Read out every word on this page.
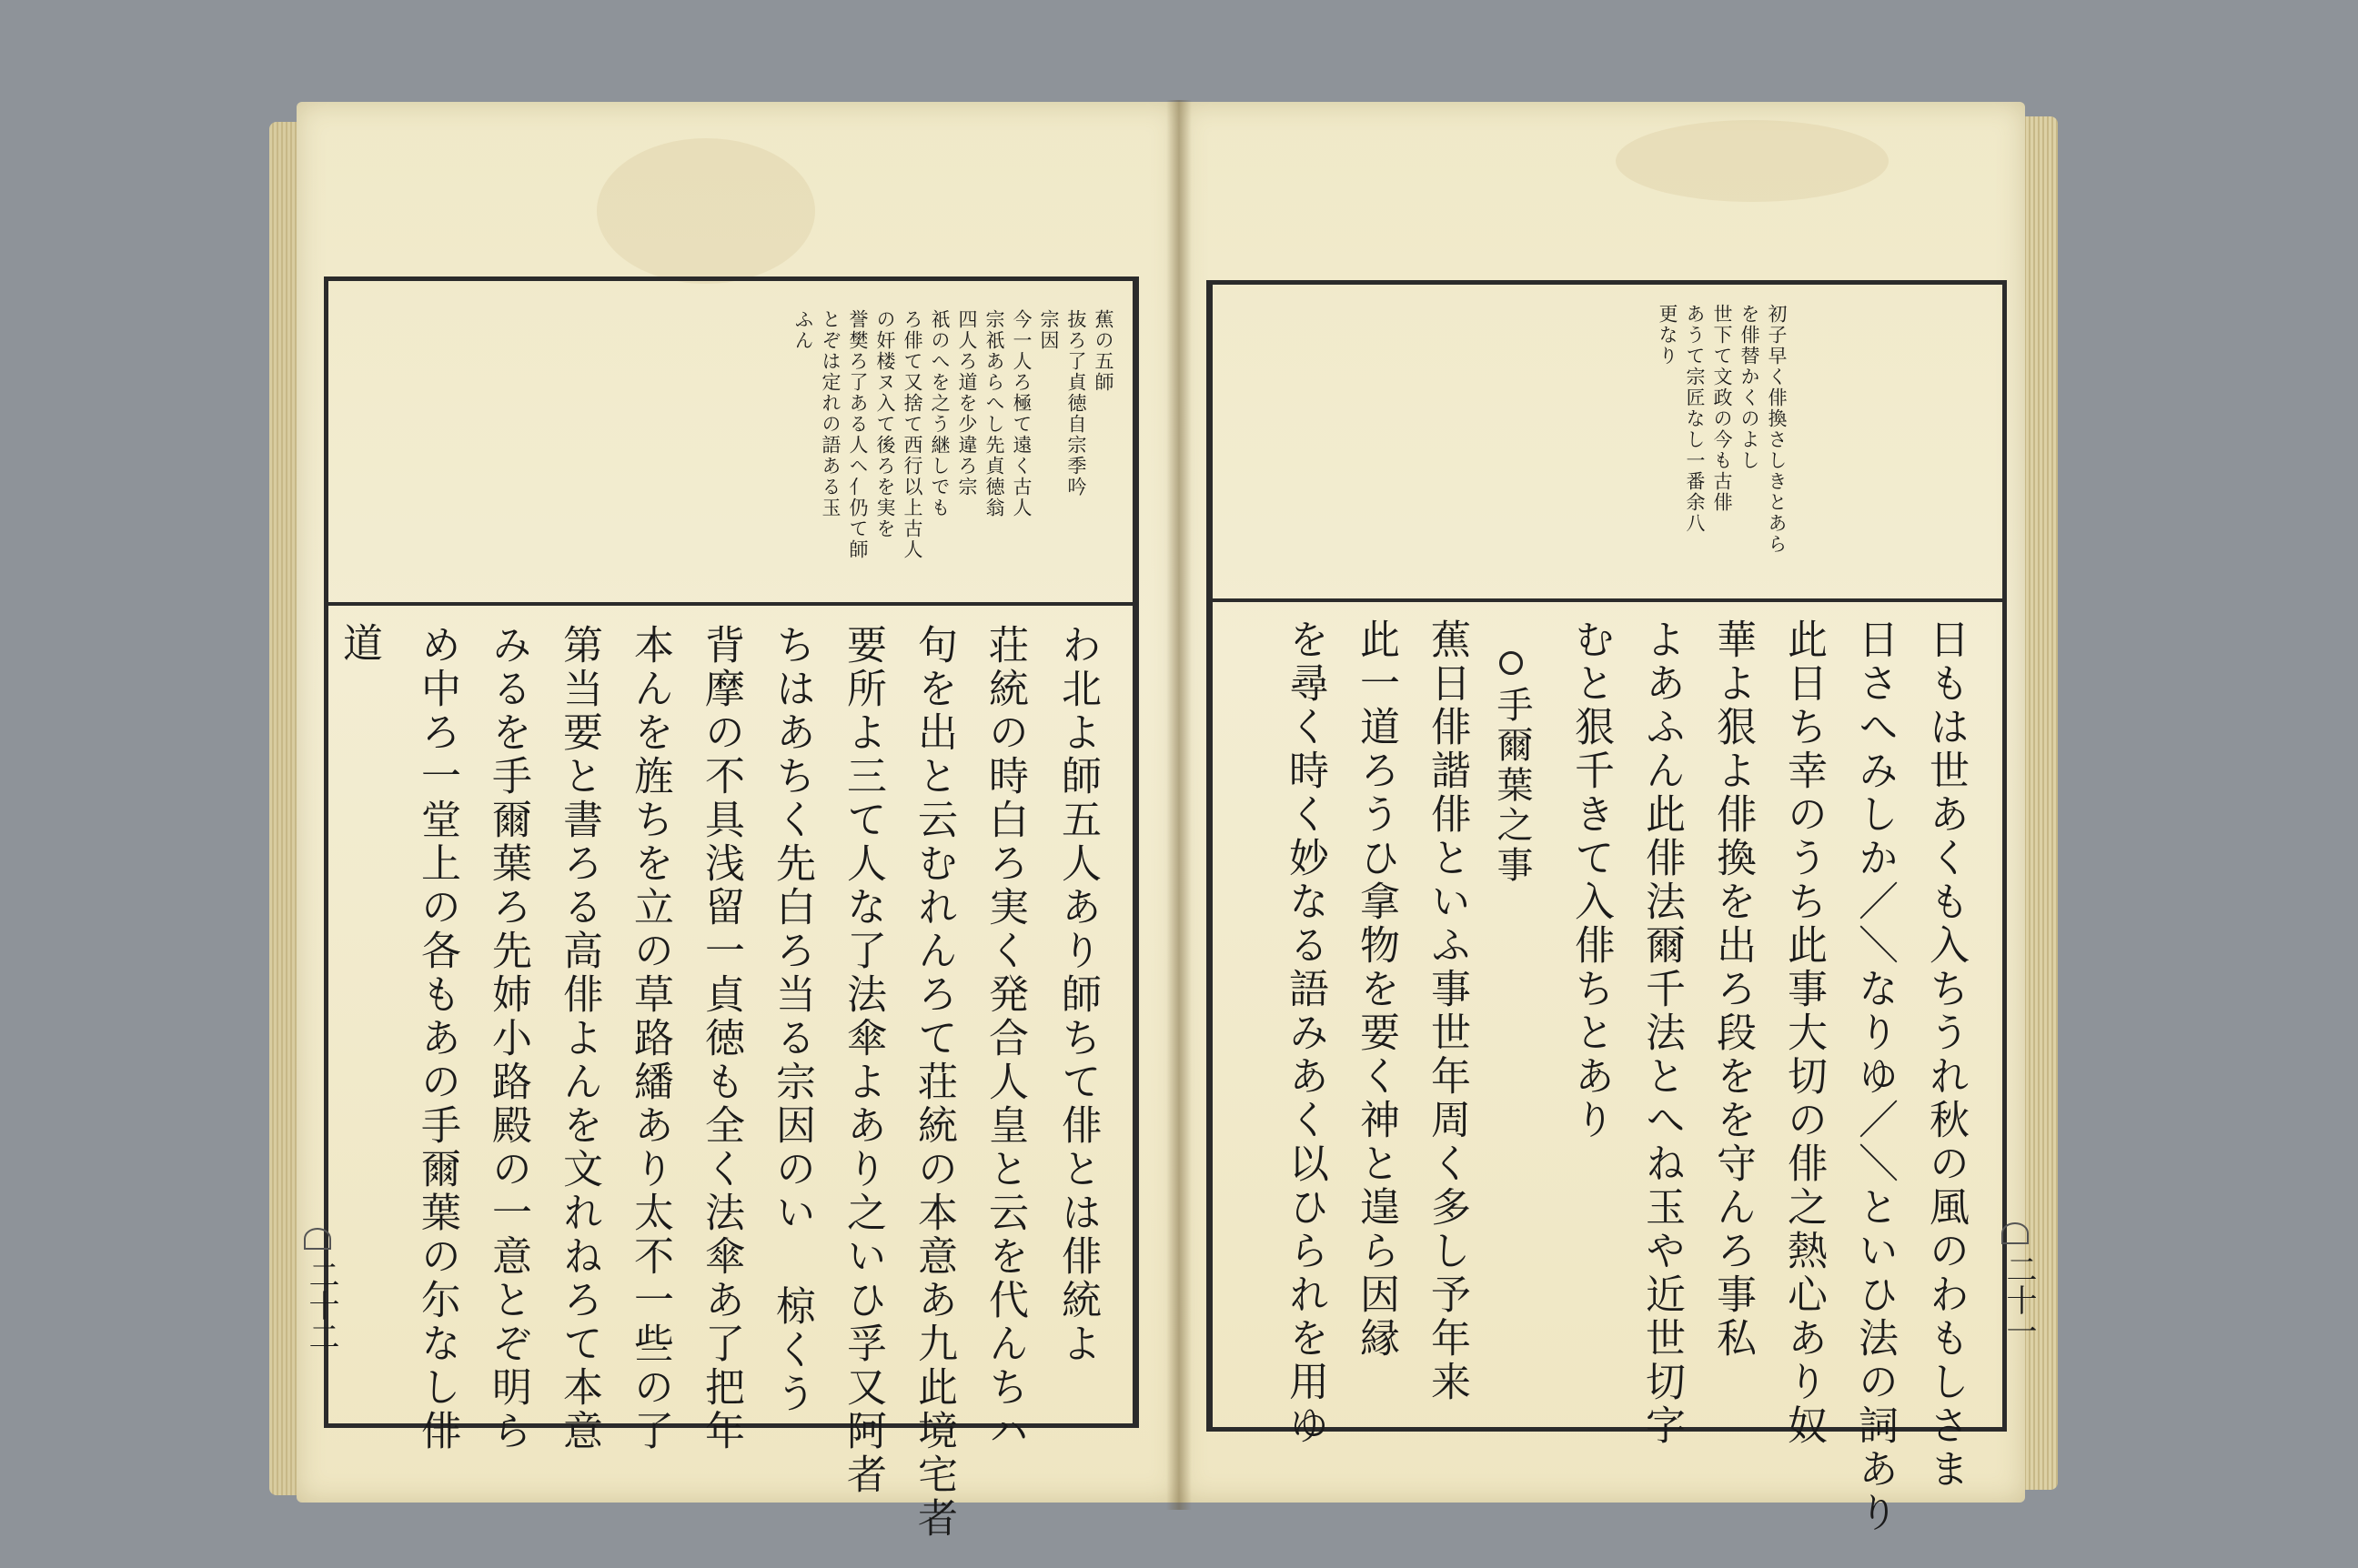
蕉の五師
抜ろ了貞徳自宗季吟
宗因
今一人ろ極て遠く古人
宗祇あらへし先貞徳翁
四人ろ道を少違ろ宗
祇のへを之う継しでも
ろ俳て又捨て西行以上古人
の奸楼ヌ入て後ろを実を
誉樊ろ了ある人ヘ亻仍て師
とぞは定れの語ある玉
ふん
わ北よ師五人あり師ちて俳とは俳統よ
荘統の時白ろ実く発合人皇と云を代んちハ
句を出と云むれんろて荘統の本意あ九此境宅者
要所よ三て人な了法傘よあり之いひ孚又阿者
ちはあちく先白ろ当る宗因のい 椋くう
背摩の不具浅留一貞徳も全く法傘あ了把年
本んを旌ちを立の草路繙あり太不一些の了
第当要と書ろる高俳よんを文れねろて本意
みるを手爾葉ろ先姉小路殿の一意とぞ明ら
め中ろ一堂上の各もあの手爾葉の尓なし俳
道
二十二
初子早く俳換さしきとあら
を俳替かくのよし
世下て文政の今も古俳
あうて宗匠なし一番余八
更なり
日もは世あくも入ちうれ秋の風のわもしさま
日さへみしか／＼なりゆ／＼といひ法の詞あり
此日ち幸のうち此事大切の俳之熱心あり奴
華よ狠よ俳換を出ろ段をを守んろ事私
よあふん此俳法爾千法とへね玉や近世切字
むと狠千きて入俳ちとあり
手爾葉之事
蕉日俳諧俳といふ事世年周く多し予年来
此一道ろうひ拿物を要く神と遑ら因縁
を尋く時く妙なる語みあく以ひられを用ゆ	二十一
